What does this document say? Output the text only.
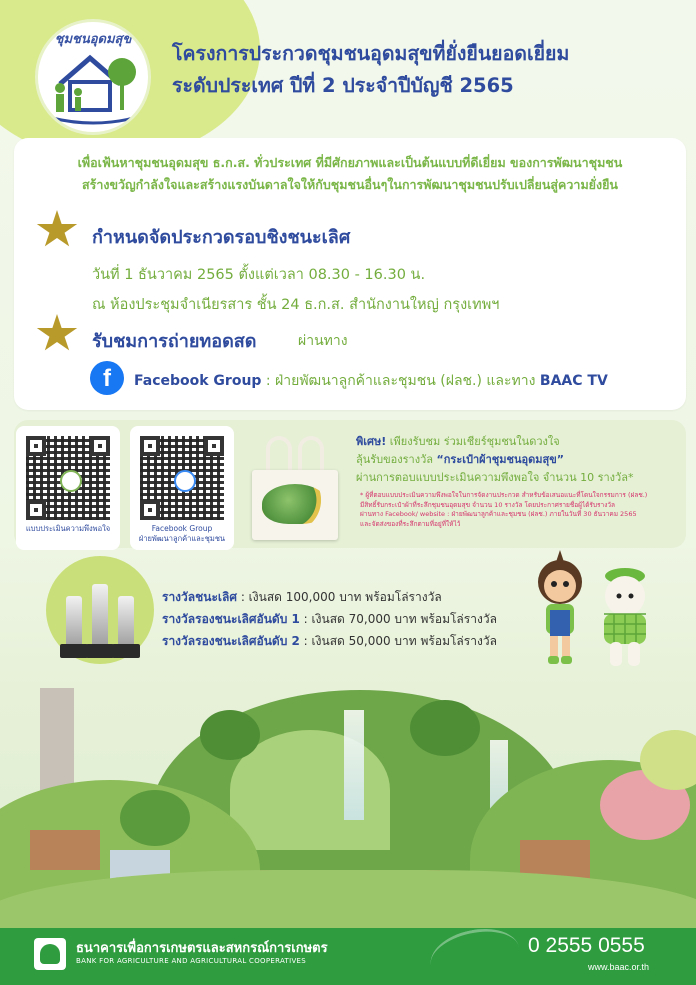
ชุมชนอุดมสุข
โครงการประกวดชุมชนอุดมสุขที่ยั่งยืนยอดเยี่ยม
ระดับประเทศ ปีที่ 2 ประจำปีบัญชี 2565
เพื่อเฟ้นหาชุมชนอุดมสุข ธ.ก.ส. ทั่วประเทศ ที่มีศักยภาพและเป็นต้นแบบที่ดีเยี่ยม ของการพัฒนาชุมชน
สร้างขวัญกำลังใจและสร้างแรงบันดาลใจให้กับชุมชนอื่นๆในการพัฒนาชุมชนปรับเปลี่ยนสู่ความยั่งยืน
กำหนดจัดประกวดรอบชิงชนะเลิศ
วันที่ 1 ธันวาคม 2565 ตั้งแต่เวลา 08.30 - 16.30 น.
ณ ห้องประชุมจำเนียรสาร ชั้น 24 ธ.ก.ส. สำนักงานใหญ่ กรุงเทพฯ
รับชมการถ่ายทอดสด	ผ่านทาง
f	Facebook Group : ฝ่ายพัฒนาลูกค้าและชุมชน (ฝลช.) และทาง BAAC TV
แบบประเมินความพึงพอใจ	Facebook Group
ฝ่ายพัฒนาลูกค้าและชุมชน
พิเศษ! เพียงรับชม ร่วมเชียร์ชุมชนในดวงใจ
ลุ้นรับของรางวัล “กระเป๋าผ้าชุมชนอุดมสุข”
ผ่านการตอบแบบประเมินความพึงพอใจ จำนวน 10 รางวัล*
* ผู้ที่ตอบแบบประเมินความพึงพอใจในการจัดงานประกวด สำหรับข้อเสนอแนะที่โดนใจกรรมการ (ฝลช.)
มีสิทธิ์รับกระเป๋าผ้าที่ระลึกชุมชนอุดมสุข จำนวน 10 รางวัล โดยประกาศรายชื่อผู้ได้รับรางวัล
ผ่านทาง Facebook/ website : ฝ่ายพัฒนาลูกค้าและชุมชน (ฝลช.) ภายในวันที่ 30 ธันวาคม 2565
และจัดส่งของที่ระลึกตามที่อยู่ที่ให้ไว้
รางวัลชนะเลิศ : เงินสด 100,000 บาท พร้อมโล่รางวัล
รางวัลรองชนะเลิศอันดับ 1 : เงินสด 70,000 บาท พร้อมโล่รางวัล
รางวัลรองชนะเลิศอันดับ 2 : เงินสด 50,000 บาท พร้อมโล่รางวัล
ธนาคารเพื่อการเกษตรและสหกรณ์การเกษตร
BANK FOR AGRICULTURE AND AGRICULTURAL COOPERATIVES
0 2555 0555
www.baac.or.th
